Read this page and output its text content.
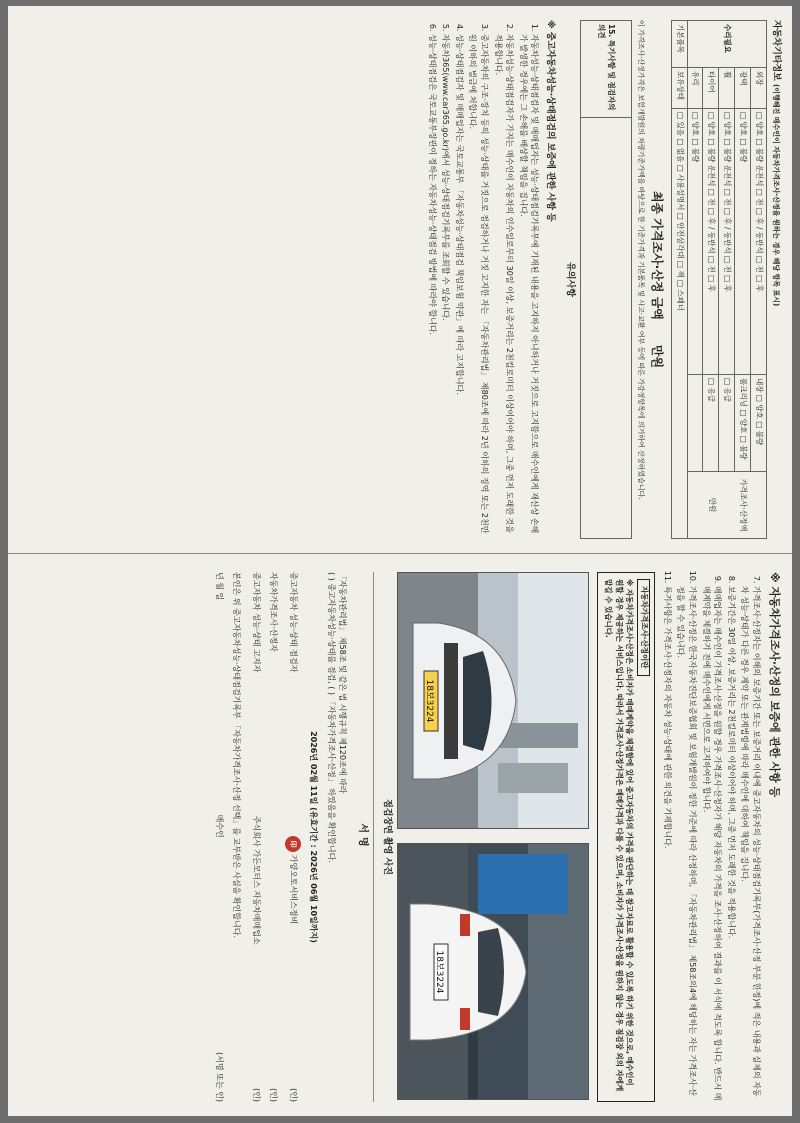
자동차기타정보 (이행해진 매수인이 자동차가격조사·산정을 원하는 경우 해당 항목 표시)
수리필요	외장	□ 양호 □ 불량 운전석 □ 전 □ 후 / 동반석 □ 전 □ 후	내장 □ 양호 □ 불량	가격조사·산정액
만원

	광택	□ 양호 □ 불량	룸크리닝 □ 양호 □ 불량	
	휠	□ 양호 □ 불량 운전석 □ 전 □ 후 / 동반석 □ 전 □ 후	□ 응급	
	타이어	□ 양호 □ 불량 운전석 □ 전 □ 후 / 동반석 □ 전 □ 후	□ 응급	
	유리	□ 양호 □ 불량		
기본품목	보유상태	□ 있음 □ 없음 □ 사용설명서 □ 안전삼각대 □ 잭 □ 스패너		
최종 가격조사·산정 금액      만원
이 가격조사·산정가격은 보험개발원의 차량기준가액을 바탕으로 한 기준가격과 기본품목 및 사고·교환 여부 등에 따른 가감정항목에 의거하여 산정하였습니다.
15. 특기사항 및 점검자의 의견	
유의사항
※ 중고자동차성능·상태점검의 보증에 관한 사항 등
1. 자동차성능·상태점검자 및 매매업자는 성능·상태점검기록부에 기재된 내용을 고지하지 아니하거나 거짓으로 고지함으로 매수인에게 재산상 손해가 발생한 경우에는 그 손해를 배상할 책임을 집니다.
2. 자동차성능·상태점검자가 가지는 매수인이 자동차의 인수일로부터 30일 이상, 보증거리는 2천킬로미터 이상이어야 하며, 그중 먼저 도래한 것을 적용합니다.
3. 중고자동차의 구조·장치 등의 성능·상태를 거짓으로 점검하거나 거짓 고지한 자는 「자동차관리법」 제80조에 따라 2년 이하의 징역 또는 2천만원 이하의 벌금에 처합니다.
4. 성능·상태점검자 및 매매업자는 국토교통부 「자동차성능·상태점검 책임보험 약관」에 따라 고지합니다.
5. 자동차365(www.car365.go.kr)에서 성능·상태점검기록부를 조회할 수 있습니다.
6. 성능·상태점검은 국토교통부장관이 정하는 자동차성능·상태점검 방법에 따라야 합니다.
※ 자동차가격조사·산정의 보증에 관한 사항 등
7. 가격조사·산정자는 이해의 보증기간 또는 보증거리 이내에 중고자동차의 성능·상태점검기록부(가격조사·산정 부분 한정)에 적은 내용과 실제의 자동차 성능·상태가 다른 경우 계약 또는 관계법령에 따라 매수인에 대하여 책임을 집니다.
8. 보증기간은 30일 이상, 보증거리는 2천킬로미터 이상이어야 하며, 그중 먼저 도래한 것을 적용합니다.
9. 매매업자는 매수인이 가격조사·산정을 원할 경우 가격조사·산정자가 해당 자동차의 가격을 조사·산정하여 결과를 이 서식에 적도록 합니다. 반드시 매매계약을 체결하기 전에 매수인에게 서면으로 고지하여야 합니다.
10. 가격조사·산정은 한국자동차진단보증협회 및 보험개발원이 정한 기준에 따라 산정하며, 「자동차관리법」 제58조의4에 해당하는 자는 가격조사·산정을 할 수 있습니다.
11. 특기사항은 가격조사·산정자의 자동차 성능·상태에 관한 의견을 기재합니다.
자동차가격조사·산정이란
※ 자동차가격조사·산정은 소비자가 매매계약을 체결함에 있어 중고자동차의 가격을 판단하는 데 참고자료로 활용할 수 있도록 하기 위한 것으로, 매수인이 원할 경우 제공하는 서비스입니다. 따라서 가격조사·산정가격은 매매가격과 다를 수 있으며, 소비자가 가격조사·산정을 원하지 않는 경우 점검장 외의 자에게 맡길 수 있습니다.
18보3224
18보3224
점검장면 촬영 사진
서명
「자동차관리법」 제58조 및 같은 법 시행규칙 제120조에 따라
( ) 중고자동차성능·상태를 점검, ( ) 「자동차가격조사·산정」 하였음을 확인합니다.
2026년 02월 11일 (유효기간 : 2026년 06월 10일까지)
중고자동차 성능·상태 점검자
印 가양오토서비스정비
(인)
자동차가격조사·산정자
(인)
중고자동차 성능·상태 고지자
주식회사 가든모터스 자동차매매업소
(인)
본인은 위 중고자동차성능·상태점검기록부 「자동차가격조사·산정 선택」를 교부받은 사실을 확인합니다.
년 월 일
매수인
(서명 또는 인)
